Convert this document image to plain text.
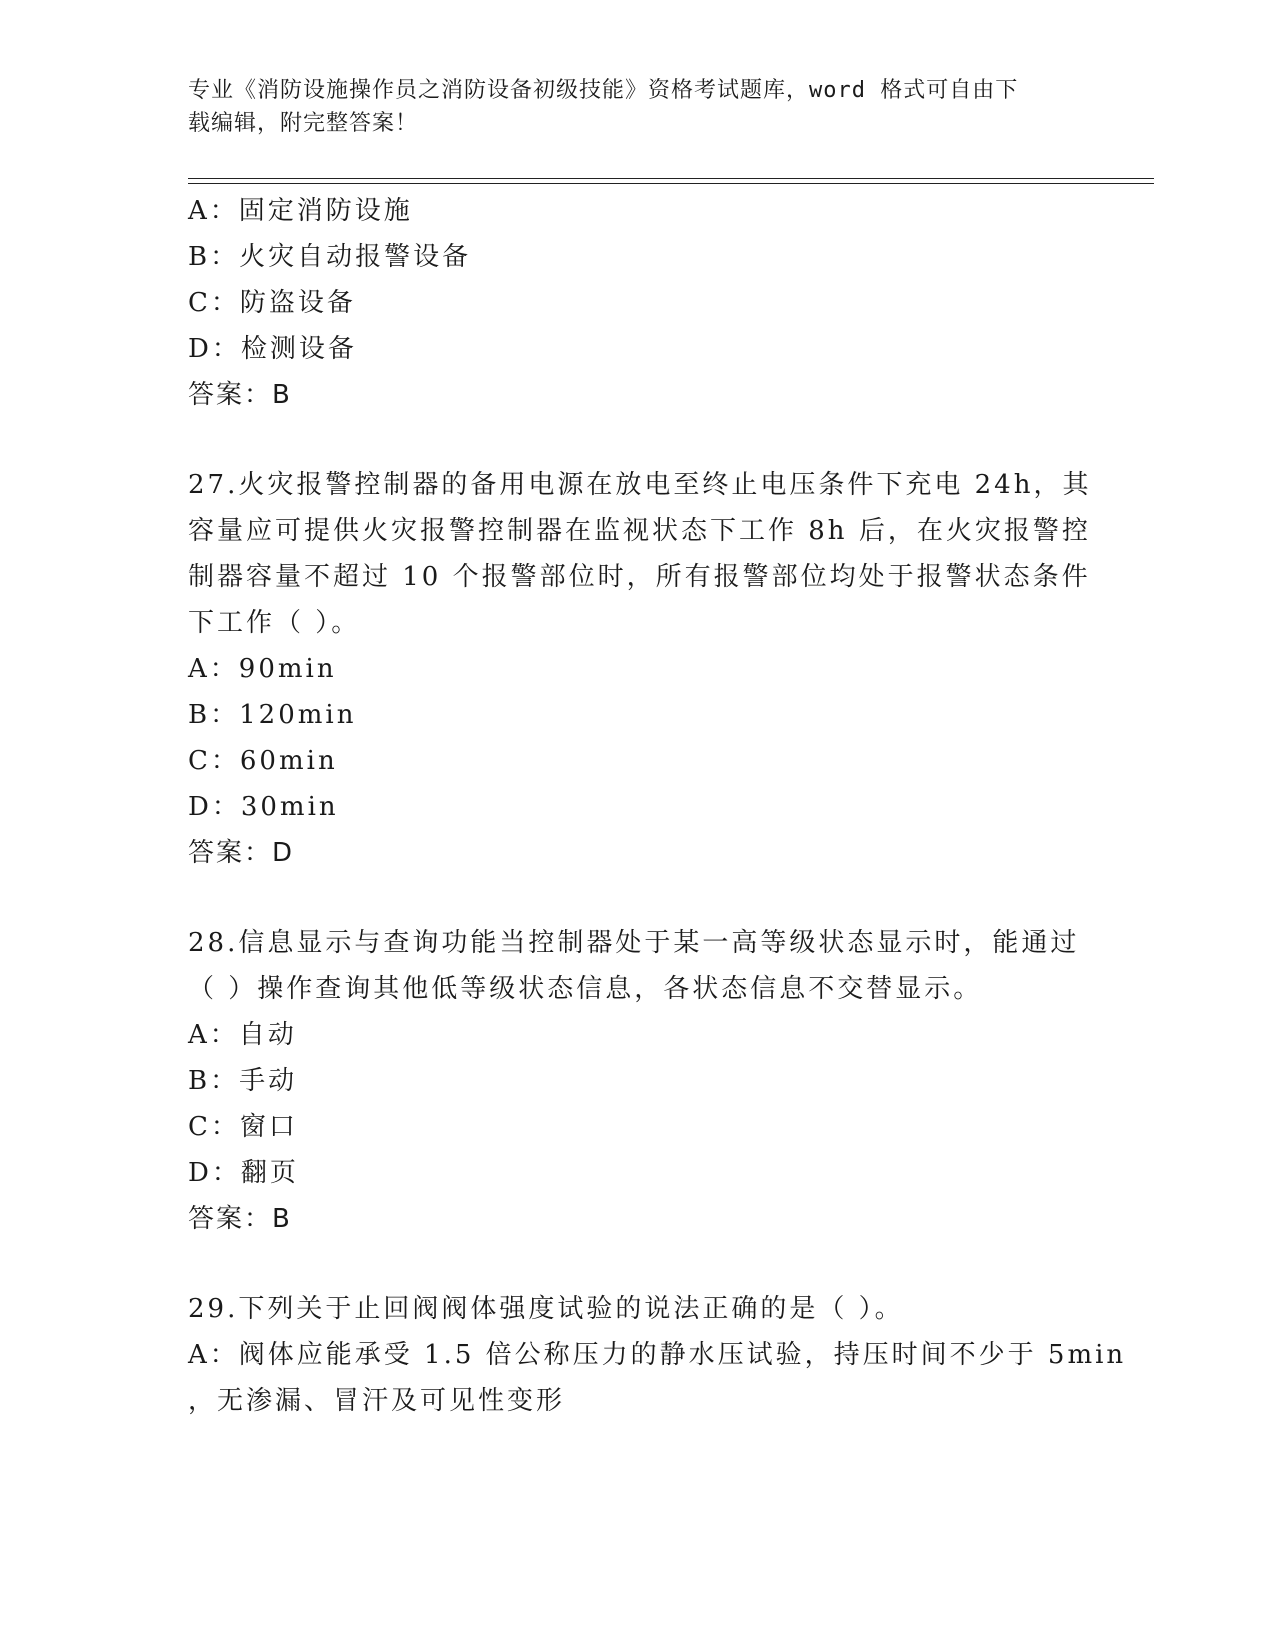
专业《消防设施操作员之消防设备初级技能》资格考试题库，word 格式可自由下
载编辑，附完整答案！
A：固定消防设施
B：火灾自动报警设备
C：防盗设备
D：检测设备
答案：B
27.火灾报警控制器的备用电源在放电至终止电压条件下充电 24h，其
容量应可提供火灾报警控制器在监视状态下工作 8h 后，在火灾报警控
制器容量不超过 10 个报警部位时，所有报警部位均处于报警状态条件
下工作（ ）。
A：90min
B：120min
C：60min
D：30min
答案：D
28.信息显示与查询功能当控制器处于某一高等级状态显示时，能通过
（ ）操作查询其他低等级状态信息，各状态信息不交替显示。
A：自动
B：手动
C：窗口
D：翻页
答案：B
29.下列关于止回阀阀体强度试验的说法正确的是（ ）。
A：阀体应能承受 1.5 倍公称压力的静水压试验，持压时间不少于 5min
，无渗漏、冒汗及可见性变形
